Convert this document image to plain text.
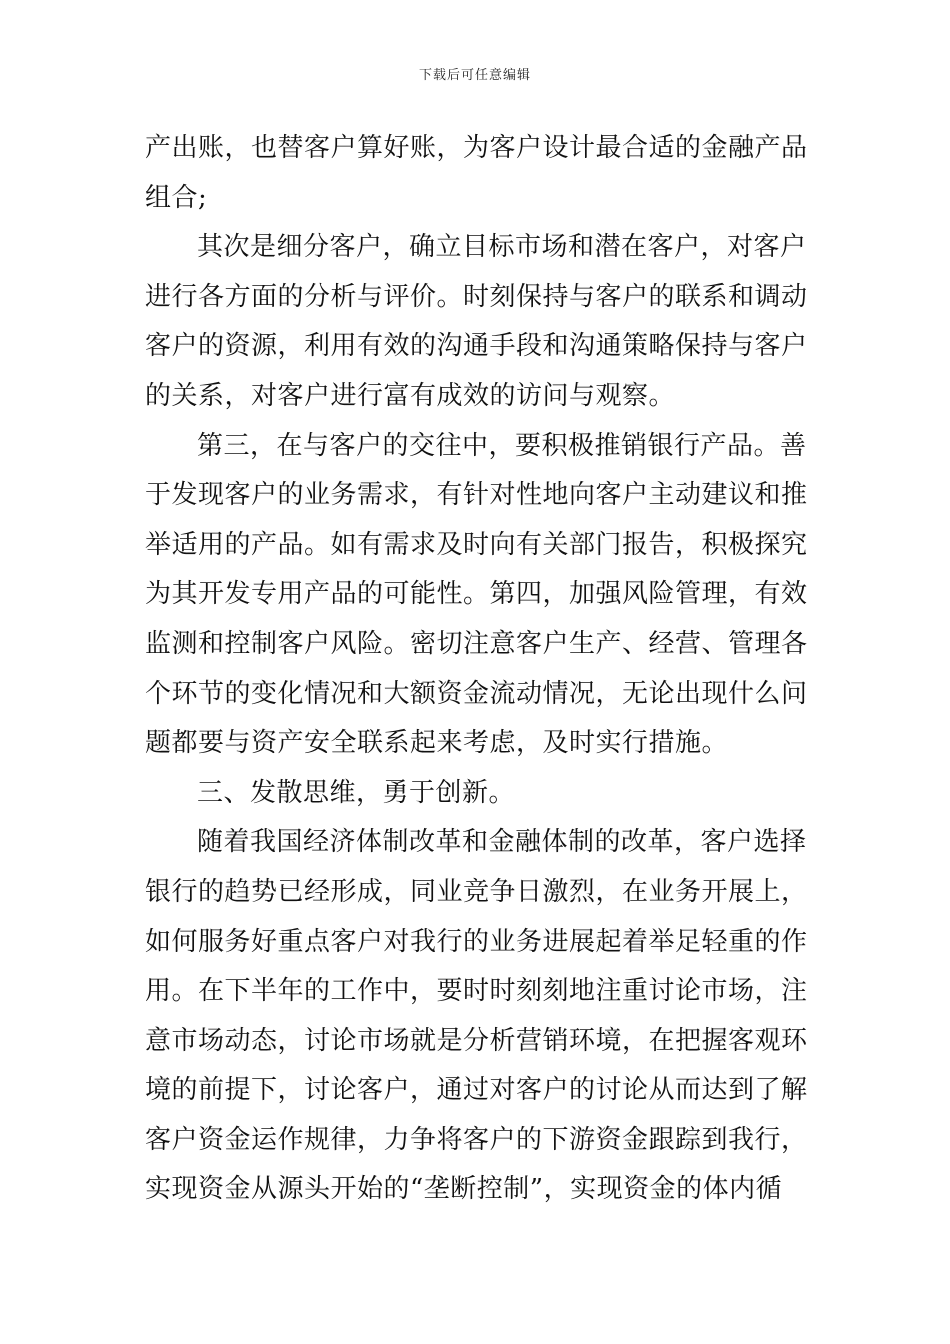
下载后可任意编辑
产出账，也替客户算好账，为客户设计最合适的金融产品
组合;
其次是细分客户，确立目标市场和潜在客户，对客户
进行各方面的分析与评价。时刻保持与客户的联系和调动
客户的资源，利用有效的沟通手段和沟通策略保持与客户
的关系，对客户进行富有成效的访问与观察。
第三，在与客户的交往中，要积极推销银行产品。善
于发现客户的业务需求，有针对性地向客户主动建议和推
举适用的产品。如有需求及时向有关部门报告，积极探究
为其开发专用产品的可能性。第四，加强风险管理，有效
监测和控制客户风险。密切注意客户生产、经营、管理各
个环节的变化情况和大额资金流动情况，无论出现什么问
题都要与资产安全联系起来考虑，及时实行措施。
三、发散思维，勇于创新。
随着我国经济体制改革和金融体制的改革，客户选择
银行的趋势已经形成，同业竞争日激烈，在业务开展上，
如何服务好重点客户对我行的业务进展起着举足轻重的作
用。在下半年的工作中，要时时刻刻地注重讨论市场，注
意市场动态，讨论市场就是分析营销环境，在把握客观环
境的前提下，讨论客户，通过对客户的讨论从而达到了解
客户资金运作规律，力争将客户的下游资金跟踪到我行，
实现资金从源头开始的“垄断控制”，实现资金的体内循
